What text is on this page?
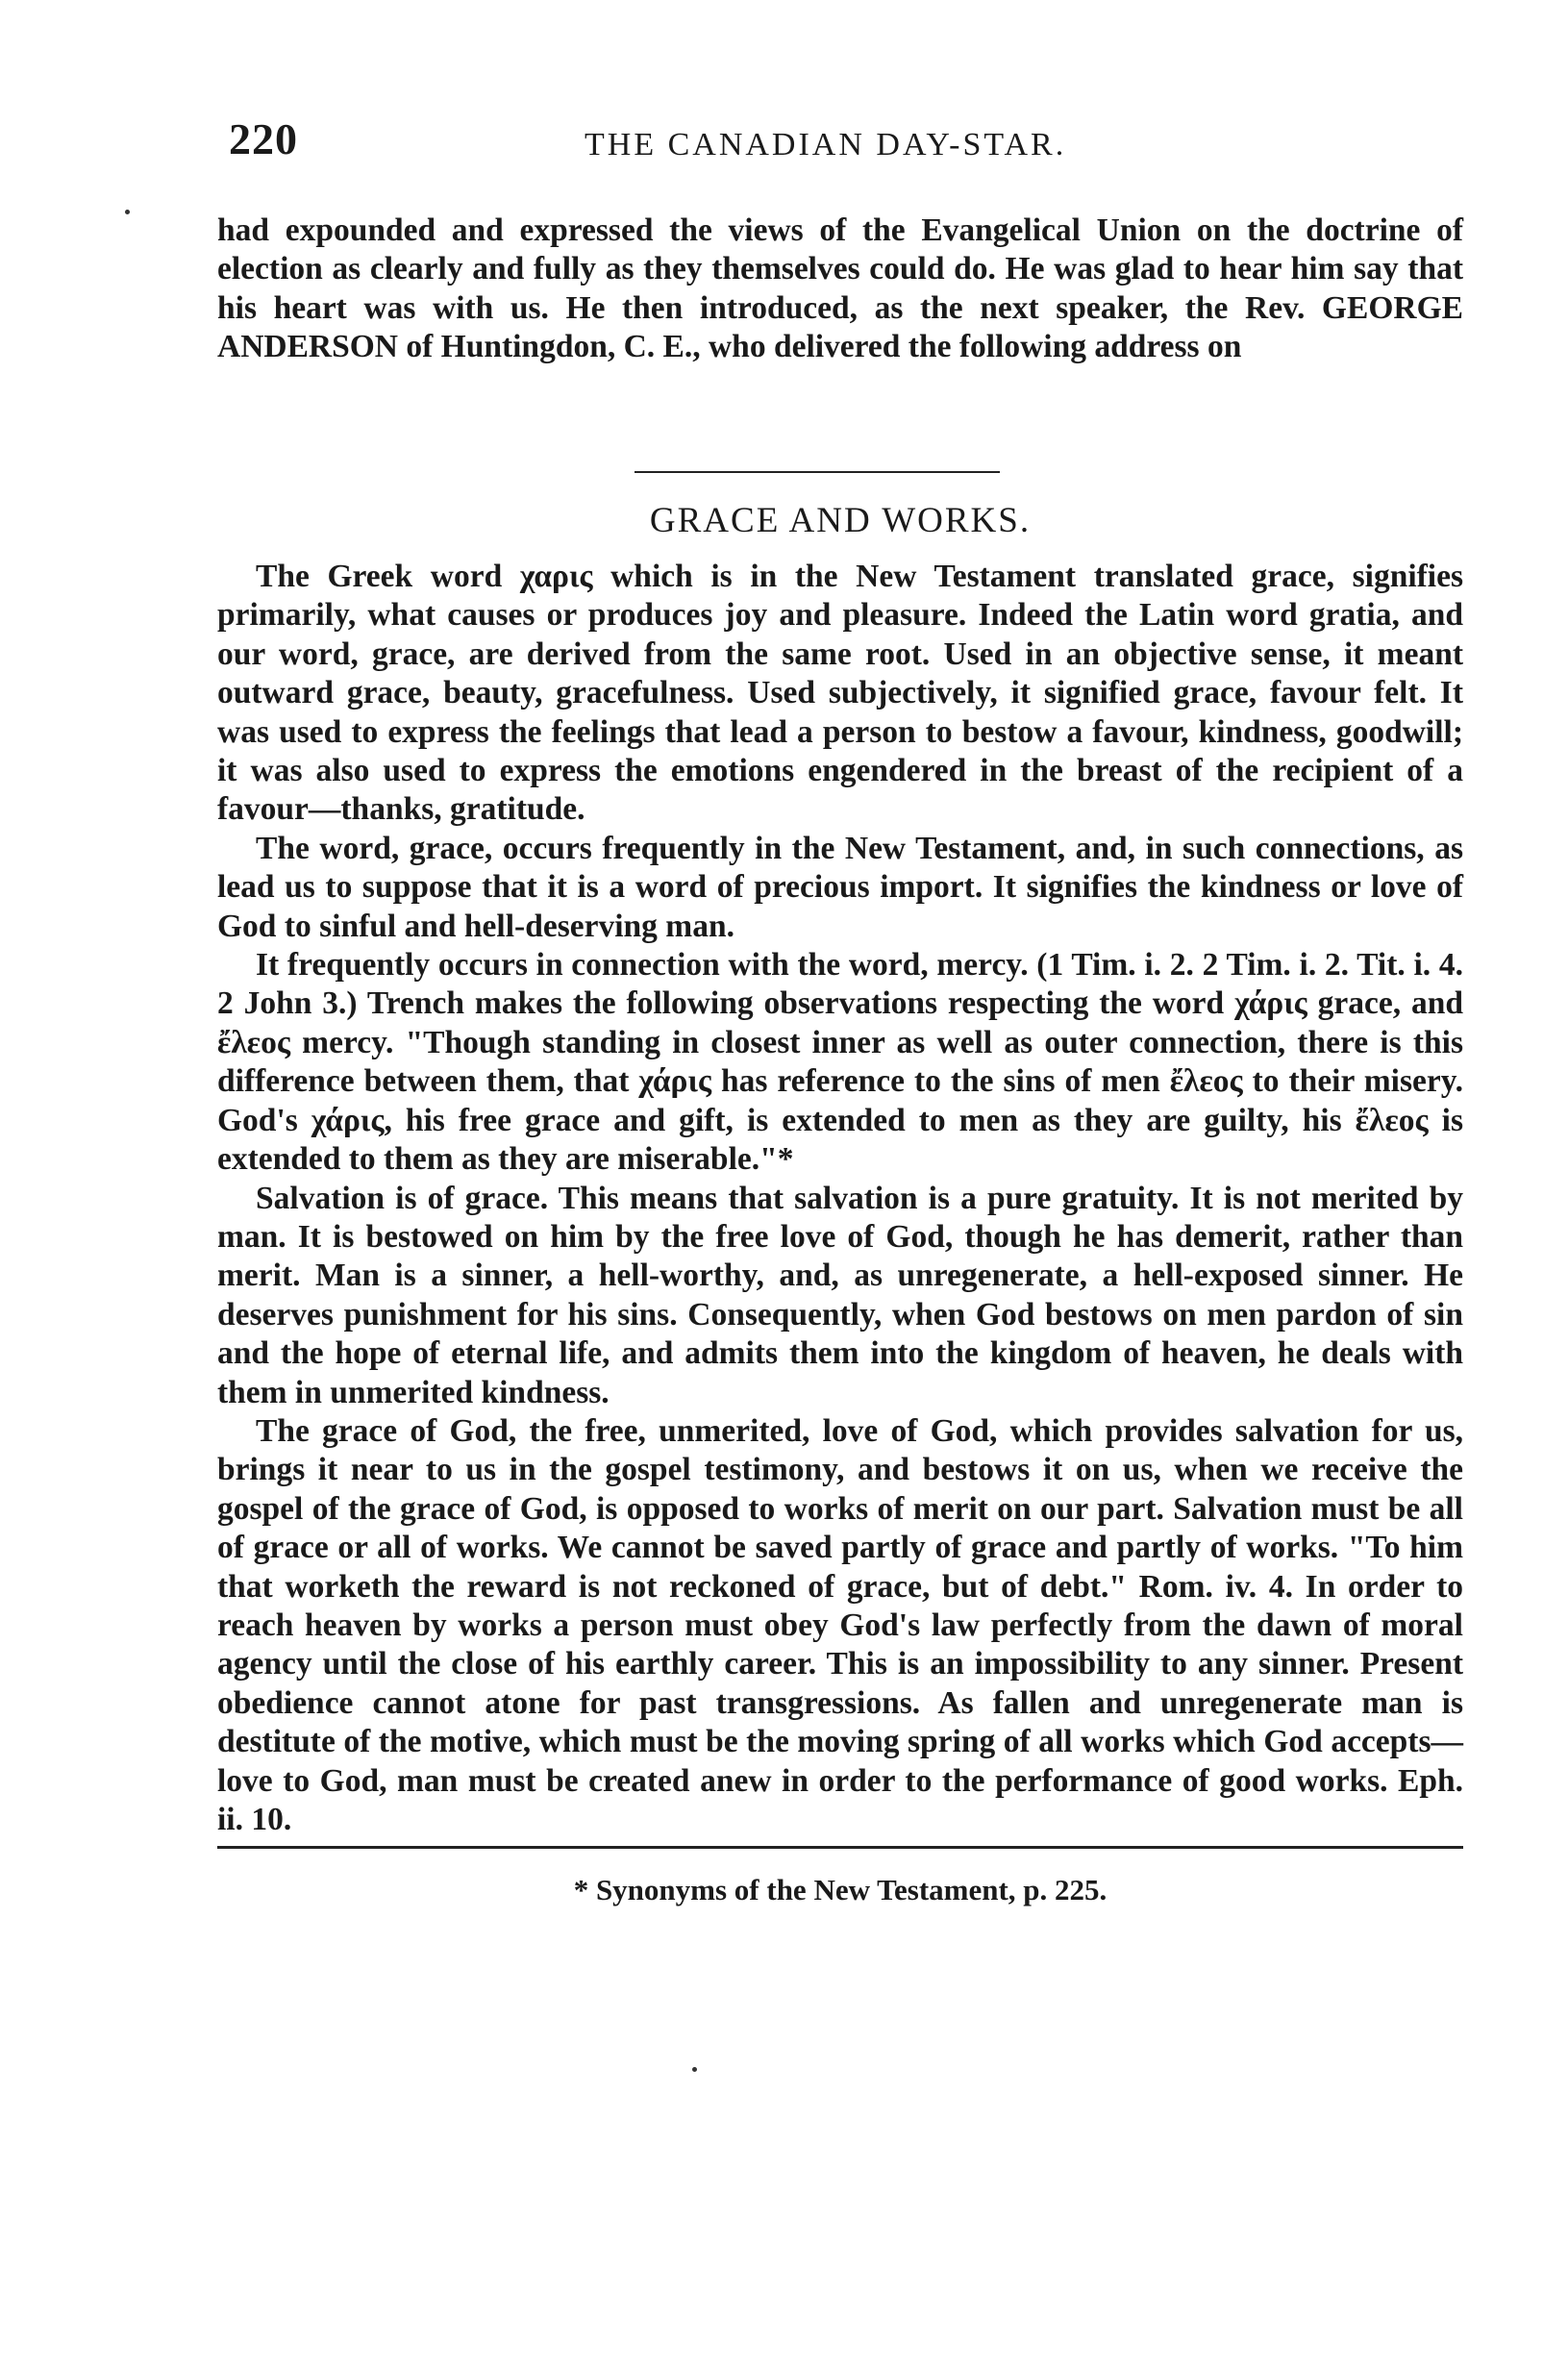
220	THE CANADIAN DAY-STAR.

had expounded and expressed the views of the Evangelical Union on the doctrine of election as clearly and fully as they themselves could do. He was glad to hear him say that his heart was with us. He then introduced, as the next speaker, the Rev. GEORGE ANDERSON of Huntingdon, C. E., who delivered the following address on

GRACE AND WORKS.

The Greek word χαρις which is in the New Testament translated grace, signifies primarily, what causes or produces joy and pleasure. Indeed the Latin word gratia, and our word, grace, are derived from the same root. Used in an objective sense, it meant outward grace, beauty, gracefulness. Used subjectively, it signified grace, favour felt. It was used to express the feelings that lead a person to bestow a favour, kindness, goodwill; it was also used to express the emotions engendered in the breast of the recipient of a favour—thanks, gratitude.

The word, grace, occurs frequently in the New Testament, and, in such connections, as lead us to suppose that it is a word of precious import. It signifies the kindness or love of God to sinful and hell-deserving man.

It frequently occurs in connection with the word, mercy. (1 Tim. i. 2. 2 Tim. i. 2. Tit. i. 4. 2 John 3.) Trench makes the following observations respecting the word χάρις grace, and ἔλεος mercy. "Though standing in closest inner as well as outer connection, there is this difference between them, that χάρις has reference to the sins of men ἔλεος to their misery. God's χάρις, his free grace and gift, is extended to men as they are guilty, his ἔλεος is extended to them as they are miserable."*

Salvation is of grace. This means that salvation is a pure gratuity. It is not merited by man. It is bestowed on him by the free love of God, though he has demerit, rather than merit. Man is a sinner, a hell-worthy, and, as unregenerate, a hell-exposed sinner. He deserves punishment for his sins. Consequently, when God bestows on men pardon of sin and the hope of eternal life, and admits them into the kingdom of heaven, he deals with them in unmerited kindness.

The grace of God, the free, unmerited, love of God, which provides salvation for us, brings it near to us in the gospel testimony, and bestows it on us, when we receive the gospel of the grace of God, is opposed to works of merit on our part. Salvation must be all of grace or all of works. We cannot be saved partly of grace and partly of works. "To him that worketh the reward is not reckoned of grace, but of debt." Rom. iv. 4. In order to reach heaven by works a person must obey God's law perfectly from the dawn of moral agency until the close of his earthly career. This is an impossibility to any sinner. Present obedience cannot atone for past transgressions. As fallen and unregenerate man is destitute of the motive, which must be the moving spring of all works which God accepts—love to God, man must be created anew in order to the performance of good works. Eph. ii. 10.

* Synonyms of the New Testament, p. 225.
